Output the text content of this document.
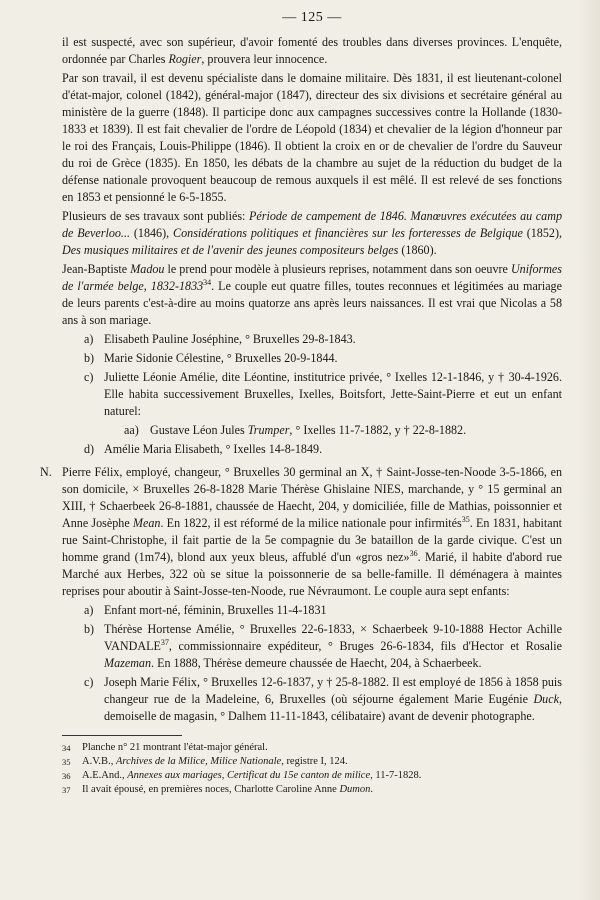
— 125 —

il est suspecté, avec son supérieur, d'avoir fomenté des troubles dans diverses provinces. L'enquête, ordonnée par Charles Rogier, prouvera leur innocence.

Par son travail, il est devenu spécialiste dans le domaine militaire. Dès 1831, il est lieutenant-colonel d'état-major, colonel (1842), général-major (1847), directeur des six divisions et secrétaire général au ministère de la guerre (1848). Il participe donc aux campagnes successives contre la Hollande (1830-1833 et 1839). Il est fait chevalier de l'ordre de Léopold (1834) et chevalier de la légion d'honneur par le roi des Français, Louis-Philippe (1846). Il obtient la croix en or de chevalier de l'ordre du Sauveur du roi de Grèce (1835). En 1850, les débats de la chambre au sujet de la réduction du budget de la défense nationale provoquent beaucoup de remous auxquels il est mêlé. Il est relevé de ses fonctions en 1853 et pensionné le 6-5-1855.

Plusieurs de ses travaux sont publiés: Période de campement de 1846. Manœuvres exécutées au camp de Beverloo... (1846), Considérations politiques et financières sur les forteresses de Belgique (1852), Des musiques militaires et de l'avenir des jeunes compositeurs belges (1860).

Jean-Baptiste Madou le prend pour modèle à plusieurs reprises, notamment dans son oeuvre Uniformes de l'armée belge, 1832-1833$^{34}$. Le couple eut quatre filles, toutes reconnues et légitimées au mariage de leurs parents c'est-à-dire au moins quatorze ans après leurs naissances. Il est vrai que Nicolas a 58 ans à son mariage.

a) Elisabeth Pauline Joséphine, ° Bruxelles 29-8-1843.
b) Marie Sidonie Célestine, ° Bruxelles 20-9-1844.
c) Juliette Léonie Amélie, dite Léontine, institutrice privée, ° Ixelles 12-1-1846, y † 30-4-1926. Elle habita successivement Bruxelles, Ixelles, Boitsfort, Jette-Saint-Pierre et eut un enfant naturel:
aa) Gustave Léon Jules Trumper, ° Ixelles 11-7-1882, y † 22-8-1882.
d) Amélie Maria Elisabeth, ° Ixelles 14-8-1849.
N. Pierre Félix, employé, changeur, ° Bruxelles 30 germinal an X, † Saint-Josse-ten-Noode 3-5-1866, en son domicile, × Bruxelles 26-8-1828 Marie Thérèse Ghislaine NIES, marchande, y ° 15 germinal an XIII, † Schaerbeek 26-8-1881, chaussée de Haecht, 204, y domiciliée, fille de Mathias, poissonnier et Anne Josèphe Mean. En 1822, il est réformé de la milice nationale pour infirmités$^{35}$. En 1831, habitant rue Saint-Christophe, il fait partie de la 5e compagnie du 3e bataillon de la garde civique. C'est un homme grand (1m74), blond aux yeux bleus, affublé d'un «gros nez»$^{36}$. Marié, il habite d'abord rue Marché aux Herbes, 322 où se situe la poissonnerie de sa belle-famille. Il déménagera à maintes reprises pour aboutir à Saint-Josse-ten-Noode, rue Névraumont. Le couple aura sept enfants:
a) Enfant mort-né, féminin, Bruxelles 11-4-1831
b) Thérèse Hortense Amélie, ° Bruxelles 22-6-1833, × Schaerbeek 9-10-1888 Hector Achille VANDALE$^{37}$, commissionnaire expéditeur, ° Bruges 26-6-1834, fils d'Hector et Rosalie Mazeman. En 1888, Thérèse demeure chaussée de Haecht, 204, à Schaerbeek.
c) Joseph Marie Félix, ° Bruxelles 12-6-1837, y † 25-8-1882. Il est employé de 1856 à 1858 puis changeur rue de la Madeleine, 6, Bruxelles (où séjourne également Marie Eugénie Duck, demoiselle de magasin, ° Dalhem 11-11-1843, célibataire) avant de devenir photographe.
34	Planche n° 21 montrant l'état-major général.
35	A.V.B., Archives de la Milice, Milice Nationale, registre I, 124.
36	A.E.And., Annexes aux mariages, Certificat du 15e canton de milice, 11-7-1828.
37	Il avait épousé, en premières noces, Charlotte Caroline Anne Dumon.
